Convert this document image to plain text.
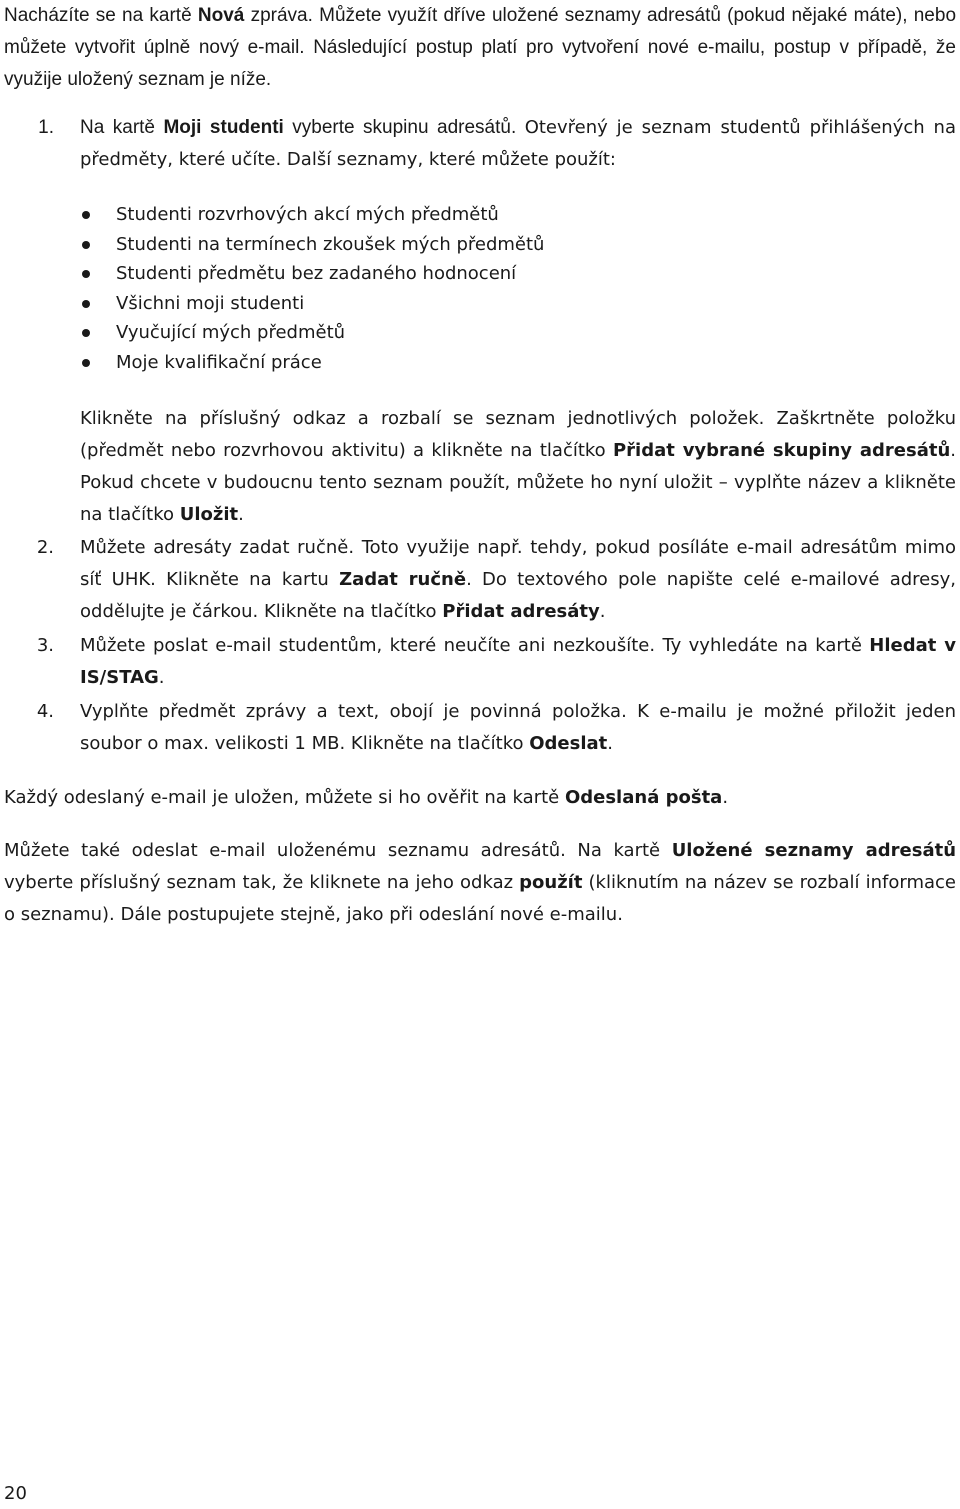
Nacházíte se na kartě Nová zpráva. Můžete využít dříve uložené seznamy adresátů (pokud nějaké máte), nebo můžete vytvořit úplně nový e-mail. Následující postup platí pro vytvoření nové e-mailu, postup v případě, že využije uložený seznam je níže.

1. Na kartě Moji studenti vyberte skupinu adresátů. Otevřený je seznam studentů přihlášených na předměty, které učíte. Další seznamy, které můžete použít:
Studenti rozvrhových akcí mých předmětů
Studenti na termínech zkoušek mých předmětů
Studenti předmětu bez zadaného hodnocení
Všichni moji studenti
Vyučující mých předmětů
Moje kvalifikační práce
Klikněte na příslušný odkaz a rozbalí se seznam jednotlivých položek. Zaškrtněte položku (předmět nebo rozvrhovou aktivitu) a klikněte na tlačítko Přidat vybrané skupiny adresátů. Pokud chcete v budoucnu tento seznam použít, můžete ho nyní uložit – vyplňte název a klikněte na tlačítko Uložit.
2. Můžete adresáty zadat ručně. Toto využije např. tehdy, pokud posíláte e-mail adresátům mimo síť UHK. Klikněte na kartu Zadat ručně. Do textového pole napište celé e-mailové adresy, oddělujte je čárkou. Klikněte na tlačítko Přidat adresáty.
3. Můžete poslat e-mail studentům, které neučíte ani nezkoušíte. Ty vyhledáte na kartě Hledat v IS/STAG.
4. Vyplňte předmět zprávy a text, obojí je povinná položka. K e-mailu je možné přiložit jeden soubor o max. velikosti 1 MB. Klikněte na tlačítko Odeslat.

Každý odeslaný e-mail je uložen, můžete si ho ověřit na kartě Odeslaná pošta.

Můžete také odeslat e-mail uloženému seznamu adresátů. Na kartě Uložené seznamy adresátů vyberte příslušný seznam tak, že kliknete na jeho odkaz použít (kliknutím na název se rozbalí informace o seznamu). Dále postupujete stejně, jako při odeslání nové e-mailu.

20
